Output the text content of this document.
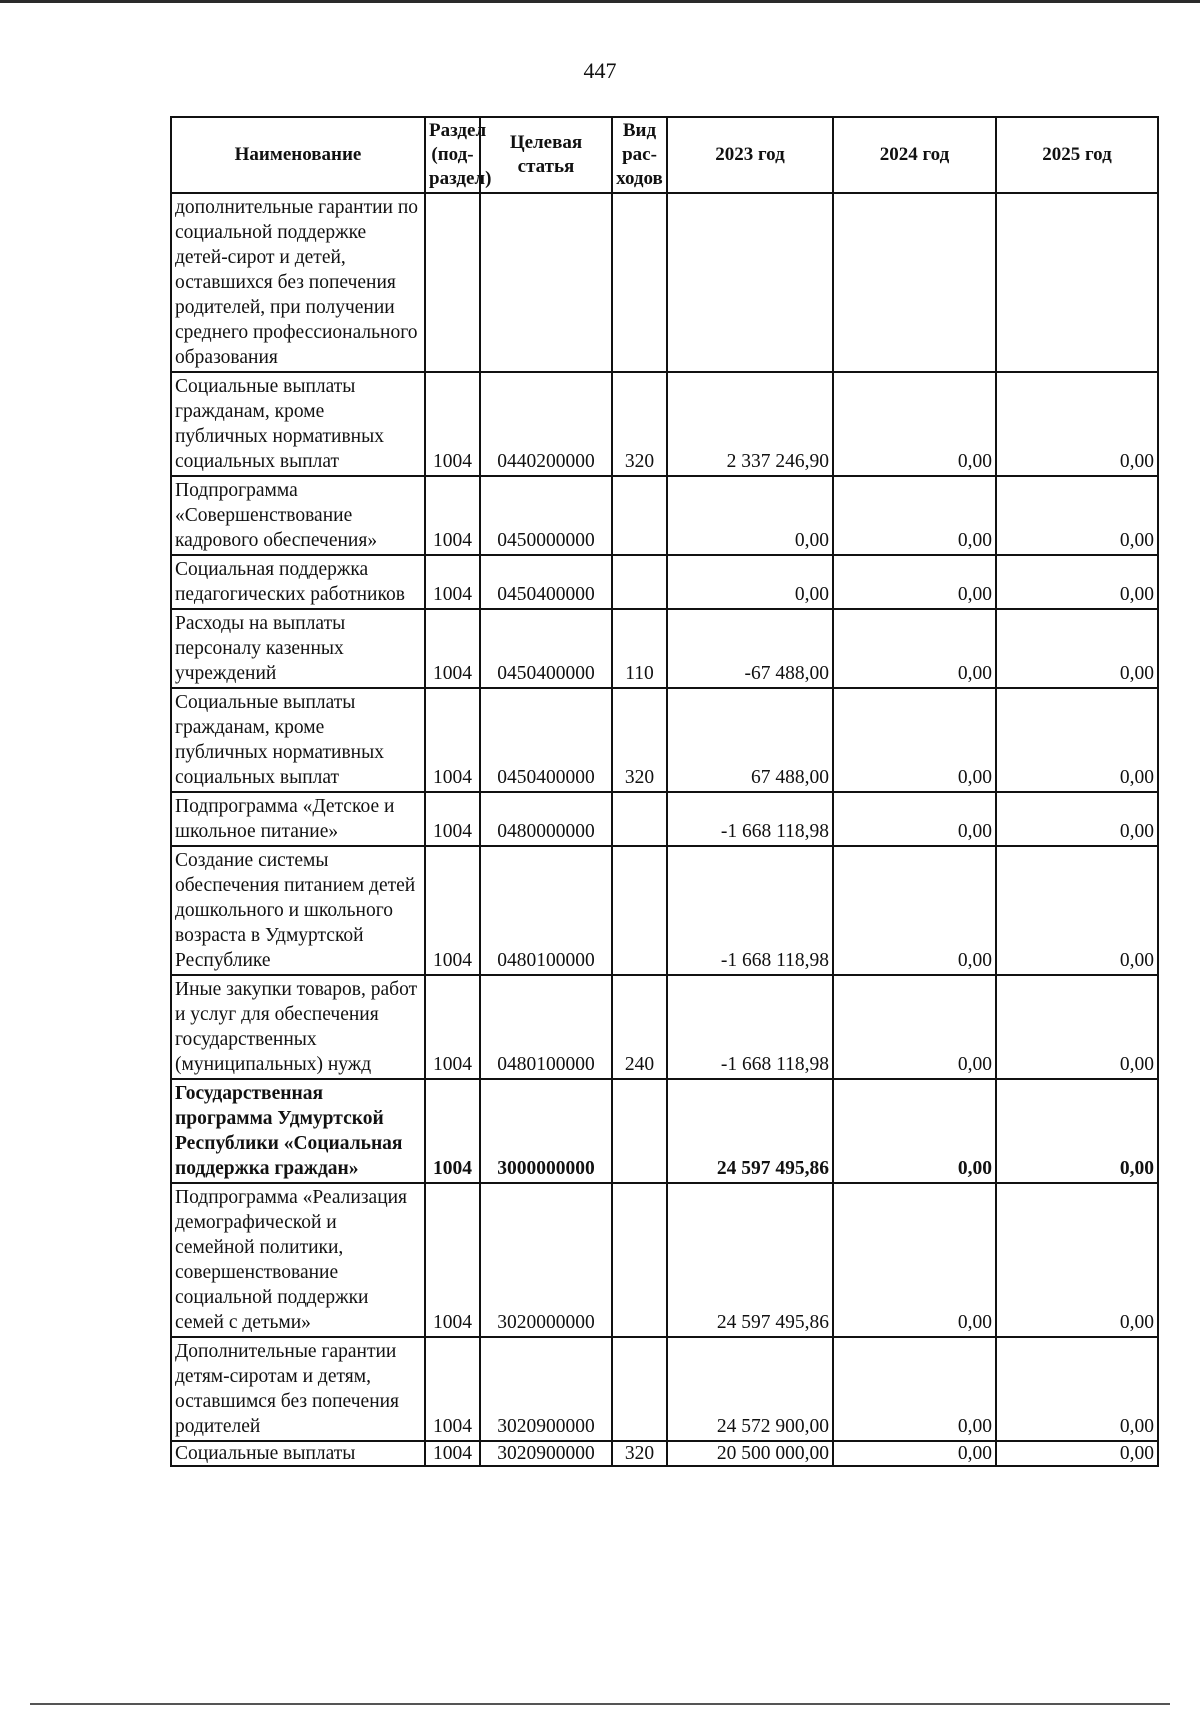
447
Наименование	Раздел (под-раздел)	Целевая статья	Вид рас-ходов	2023 год	2024 год	2025 год
дополнительные гарантии по социальной поддержке детей-сирот и детей, оставшихся без попечения родителей, при получении среднего профессионального образования						
Социальные выплаты гражданам, кроме публичных нормативных социальных выплат	1004	0440200000	320	2 337 246,90	0,00	0,00
Подпрограмма «Совершенствование кадрового обеспечения»	1004	0450000000		0,00	0,00	0,00
Социальная поддержка педагогических работников	1004	0450400000		0,00	0,00	0,00
Расходы на выплаты персоналу казенных учреждений	1004	0450400000	110	-67 488,00	0,00	0,00
Социальные выплаты гражданам, кроме публичных нормативных социальных выплат	1004	0450400000	320	67 488,00	0,00	0,00
Подпрограмма «Детское и школьное питание»	1004	0480000000		-1 668 118,98	0,00	0,00
Создание системы обеспечения питанием детей дошкольного и школьного возраста в Удмуртской Республике	1004	0480100000		-1 668 118,98	0,00	0,00
Иные закупки товаров, работ и услуг для обеспечения государственных (муниципальных) нужд	1004	0480100000	240	-1 668 118,98	0,00	0,00
Государственная программа Удмуртской Республики «Социальная поддержка граждан»	1004	3000000000		24 597 495,86	0,00	0,00
Подпрограмма «Реализация демографической и семейной политики, совершенствование социальной поддержки семей с детьми»	1004	3020000000		24 597 495,86	0,00	0,00
Дополнительные гарантии детям-сиротам и детям, оставшимся без попечения родителей	1004	3020900000		24 572 900,00	0,00	0,00
Социальные выплаты	1004	3020900000	320	20 500 000,00	0,00	0,00
